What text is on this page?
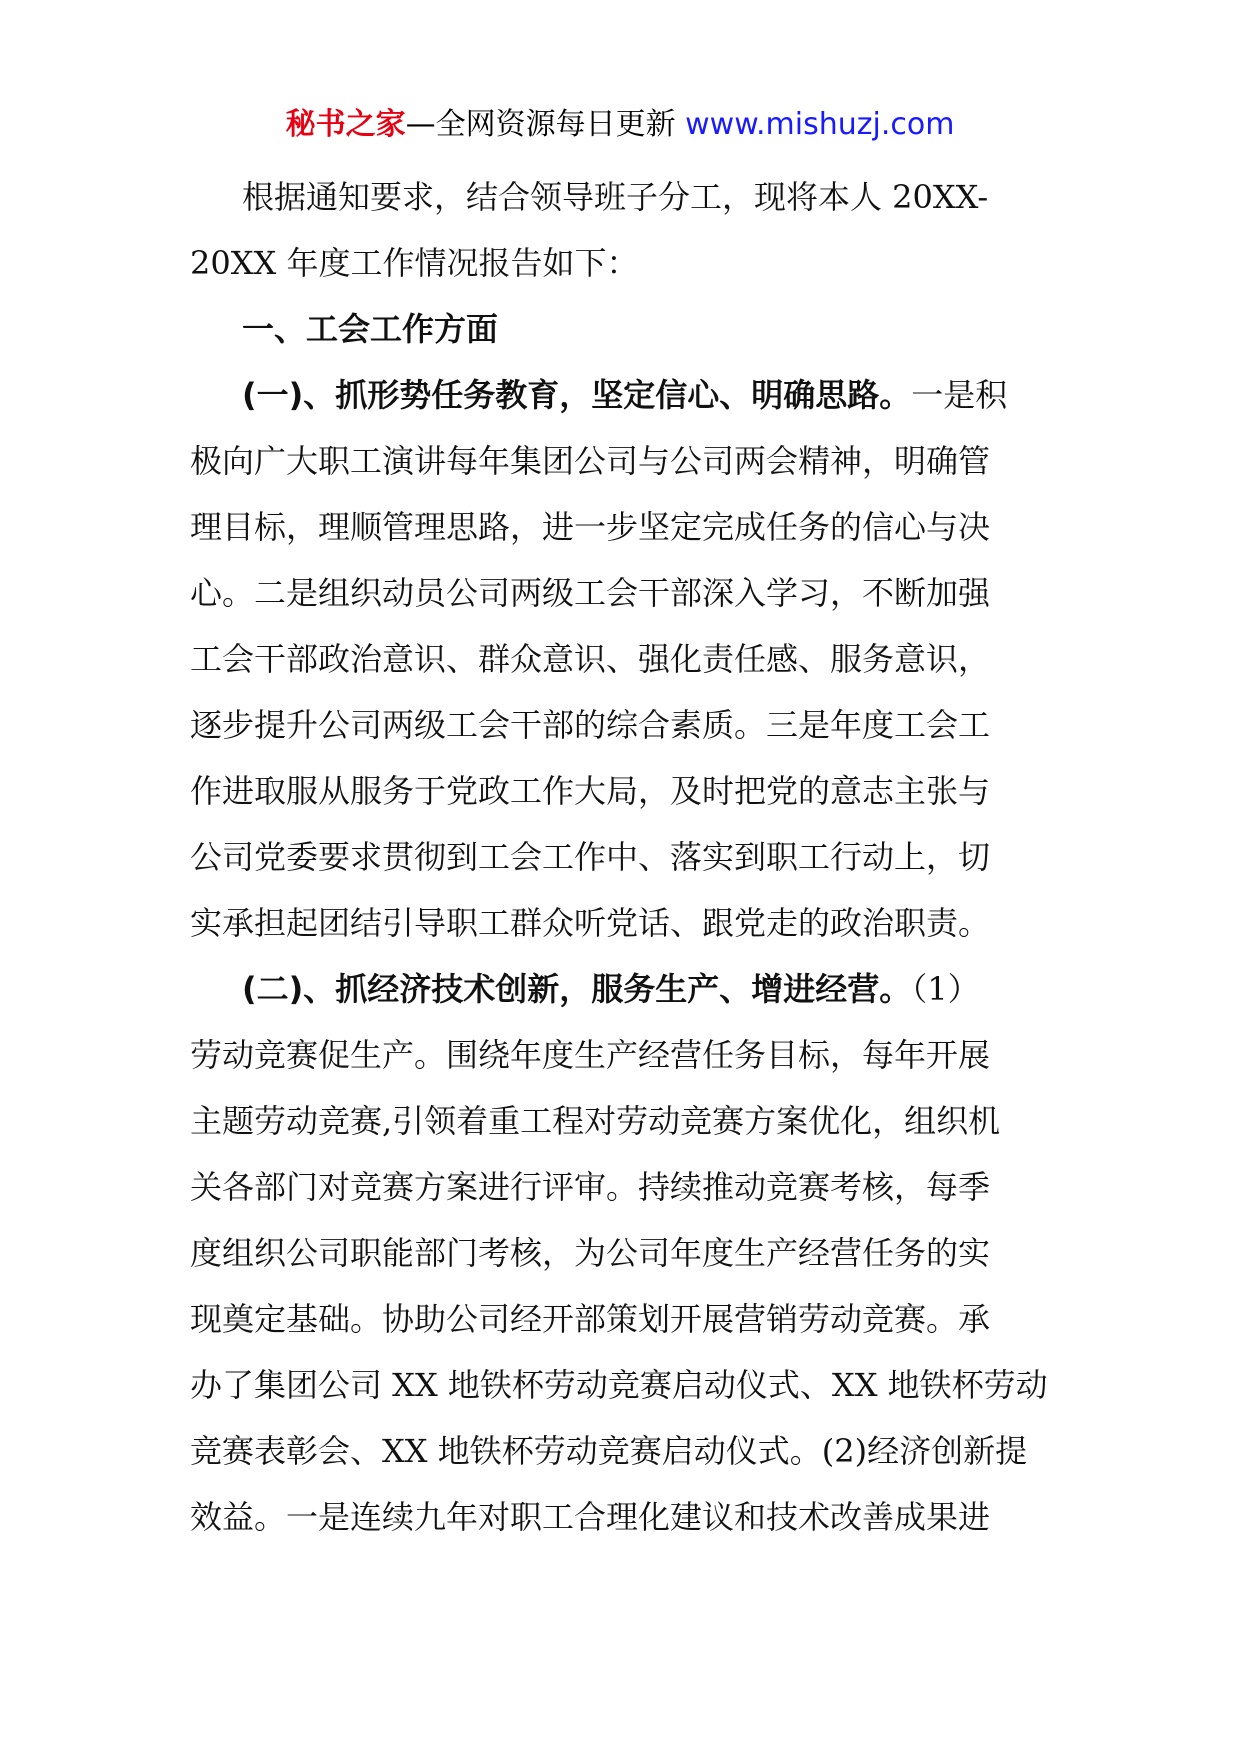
秘书之家—全网资源每日更新 www.mishuzj.com
根据通知要求，结合领导班子分工，现将本人 20XX-
20XX 年度工作情况报告如下：
一、工会工作方面
(一)、抓形势任务教育，坚定信心、明确思路。一是积
极向广大职工演讲每年集团公司与公司两会精神，明确管
理目标，理顺管理思路，进一步坚定完成任务的信心与决
心。二是组织动员公司两级工会干部深入学习，不断加强
工会干部政治意识、群众意识、强化责任感、服务意识，
逐步提升公司两级工会干部的综合素质。三是年度工会工
作进取服从服务于党政工作大局，及时把党的意志主张与
公司党委要求贯彻到工会工作中、落实到职工行动上，切
实承担起团结引导职工群众听党话、跟党走的政治职责。
(二)、抓经济技术创新，服务生产、增进经营。（1）
劳动竞赛促生产。围绕年度生产经营任务目标，每年开展
主题劳动竞赛,引领着重工程对劳动竞赛方案优化，组织机
关各部门对竞赛方案进行评审。持续推动竞赛考核，每季
度组织公司职能部门考核，为公司年度生产经营任务的实
现奠定基础。协助公司经开部策划开展营销劳动竞赛。承
办了集团公司 XX 地铁杯劳动竞赛启动仪式、XX 地铁杯劳动
竞赛表彰会、XX 地铁杯劳动竞赛启动仪式。(2)经济创新提
效益。一是连续九年对职工合理化建议和技术改善成果进
